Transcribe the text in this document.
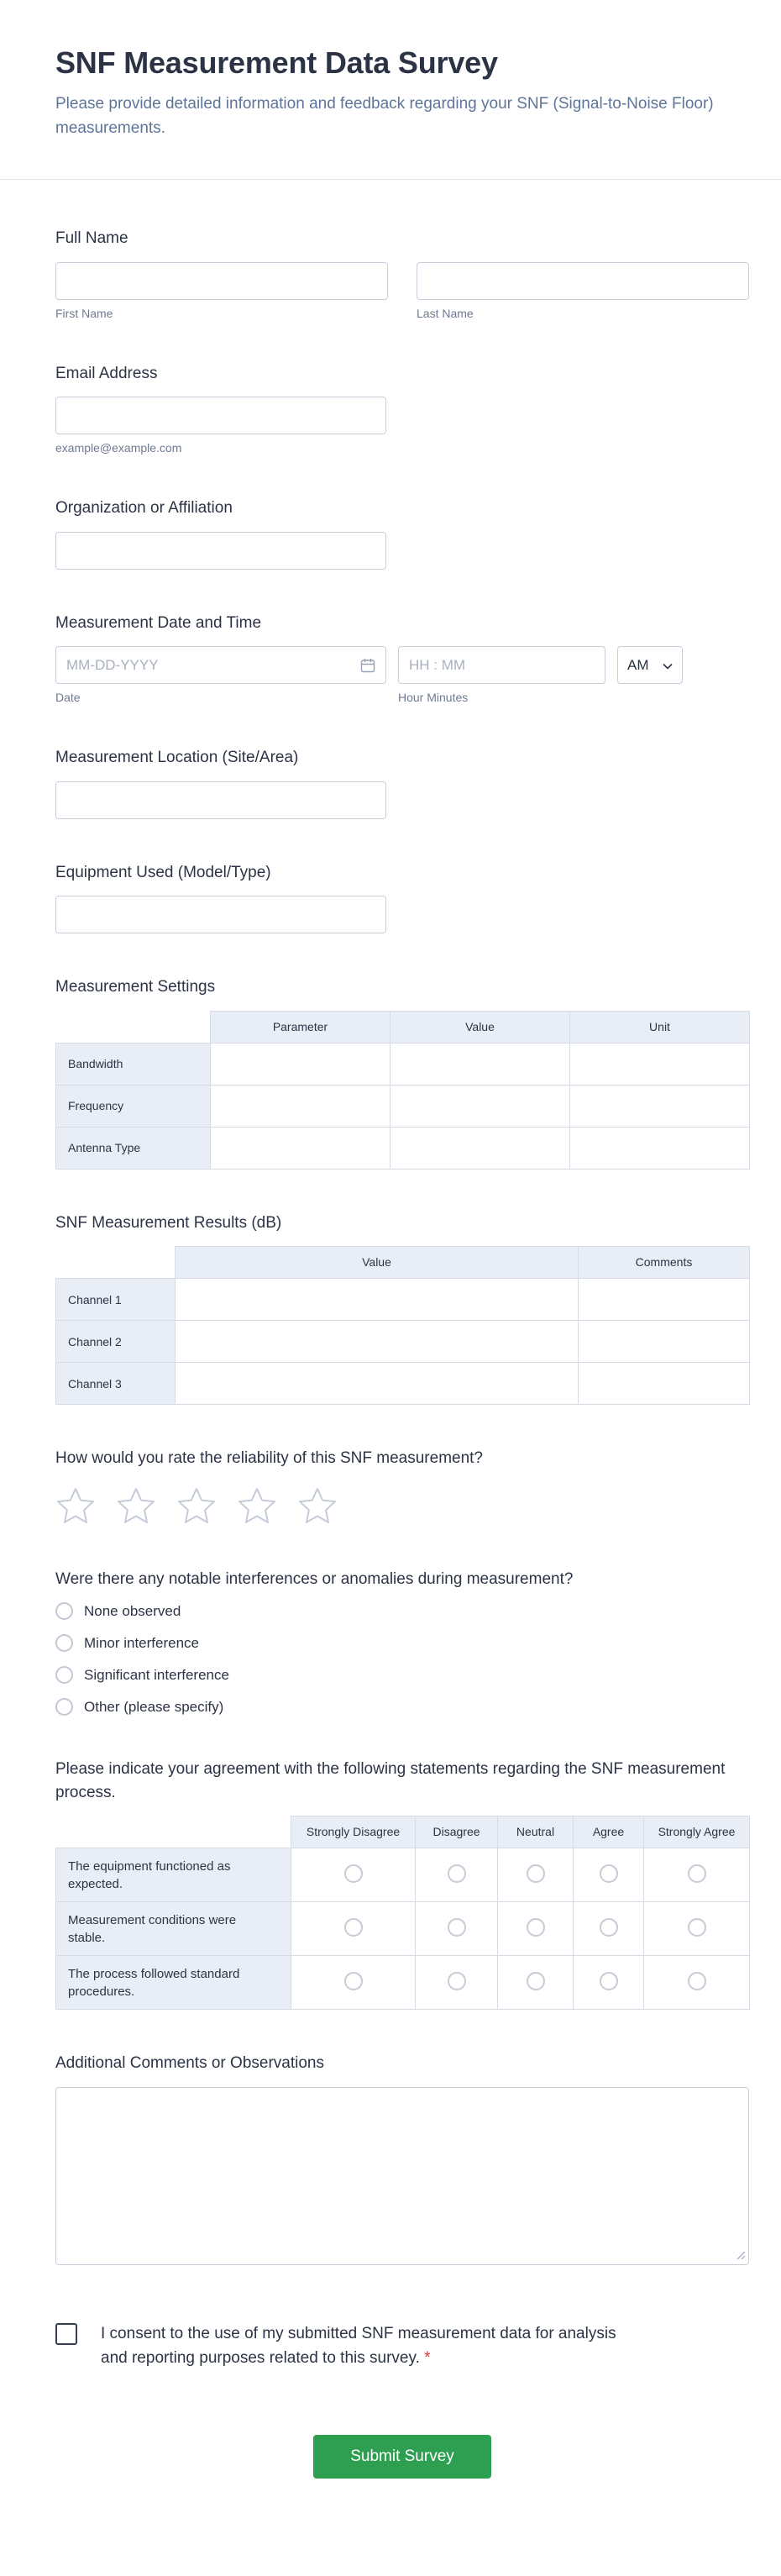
SNF Measurement Data Survey

Please provide detailed information and feedback regarding your SNF (Signal-to-Noise Floor) measurements.

Full Name
First Name	Last Name
Email Address
example@example.com
Organization or Affiliation
Measurement Date and Time
MM-DD-YYYY
Date
HH : MM	Hour Minutes
AM
Measurement Location (Site/Area)
Equipment Used (Model/Type)
Measurement Settings
	Parameter	Value	Unit
Bandwidth			
Frequency			
Antenna Type			
SNF Measurement Results (dB)
	Value	Comments
Channel 1		
Channel 2		
Channel 3		
How would you rate the reliability of this SNF measurement?
Were there any notable interferences or anomalies during measurement?
None observed
Minor interference
Significant interference
Other (please specify)
Please indicate your agreement with the following statements regarding the SNF measurement process.
	Strongly Disagree	Disagree	Neutral	Agree	Strongly Agree
The equipment functioned as expected.					
Measurement conditions were stable.					
The process followed standard procedures.					
Additional Comments or Observations

I consent to the use of my submitted SNF measurement data for analysis and reporting purposes related to this survey. *

Submit Survey
